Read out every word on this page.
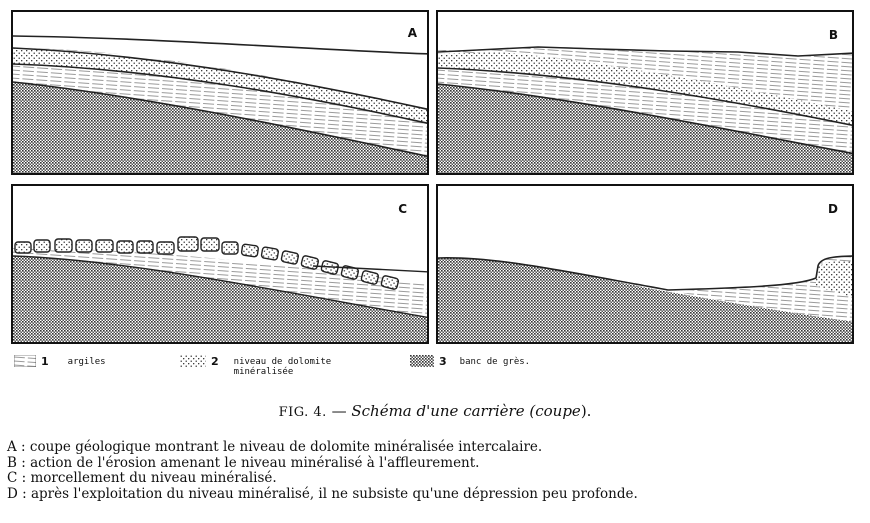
A	B
C	D
1 argiles	2 niveau de dolomite
minéralisée
3 banc de grès.
FIG. 4. — Schéma d'une carrière (coupe).
A : coupe géologique montrant le niveau de dolomite minéralisée intercalaire.
B : action de l'érosion amenant le niveau minéralisé à l'affleurement.
C : morcellement du niveau minéralisé.
D : après l'exploitation du niveau minéralisé, il ne subsiste qu'une dépression peu profonde.
